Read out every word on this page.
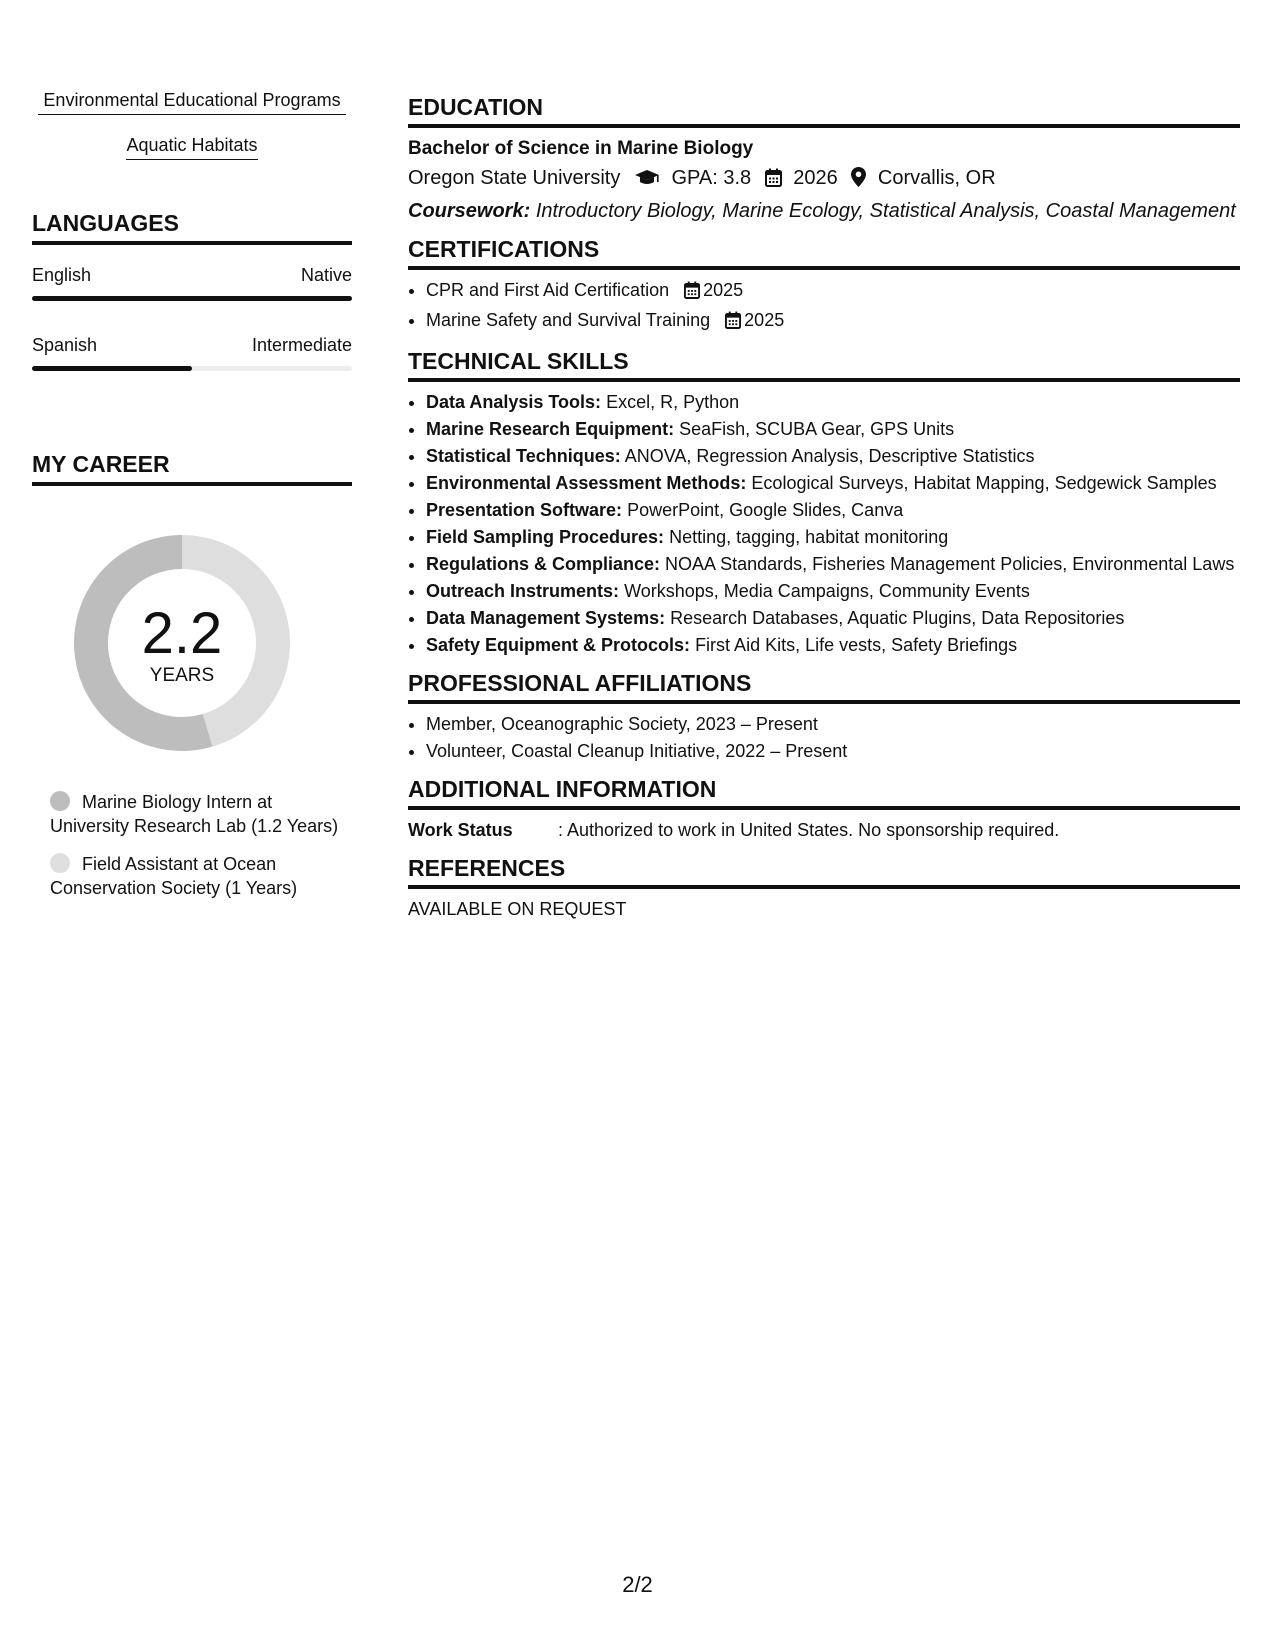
Environmental Educational Programs
Aquatic Habitats
LANGUAGES
English	Native
Spanish	Intermediate
MY CAREER
2.2
YEARS
Marine Biology Intern at University Research Lab (1.2 Years)
Field Assistant at Ocean Conservation Society (1 Years)
EDUCATION
Bachelor of Science in Marine Biology
Oregon State University	GPA: 3.8 2026 Corvallis, OR
Coursework: Introductory Biology, Marine Ecology, Statistical Analysis, Coastal Management
CERTIFICATIONS
• CPR and First Aid Certification 2025
• Marine Safety and Survival Training 2025
TECHNICAL SKILLS
• Data Analysis Tools: Excel, R, Python
• Marine Research Equipment: SeaFish, SCUBA Gear, GPS Units
• Statistical Techniques: ANOVA, Regression Analysis, Descriptive Statistics
• Environmental Assessment Methods: Ecological Surveys, Habitat Mapping, Sedgewick Samples
• Presentation Software: PowerPoint, Google Slides, Canva
• Field Sampling Procedures: Netting, tagging, habitat monitoring
• Regulations & Compliance: NOAA Standards, Fisheries Management Policies, Environmental Laws
• Outreach Instruments: Workshops, Media Campaigns, Community Events
• Data Management Systems: Research Databases, Aquatic Plugins, Data Repositories
• Safety Equipment & Protocols: First Aid Kits, Life vests, Safety Briefings
PROFESSIONAL AFFILIATIONS
• Member, Oceanographic Society, 2023 – Present
• Volunteer, Coastal Cleanup Initiative, 2022 – Present
ADDITIONAL INFORMATION
Work Status	: Authorized to work in United States. No sponsorship required.
REFERENCES
AVAILABLE ON REQUEST
2/2
